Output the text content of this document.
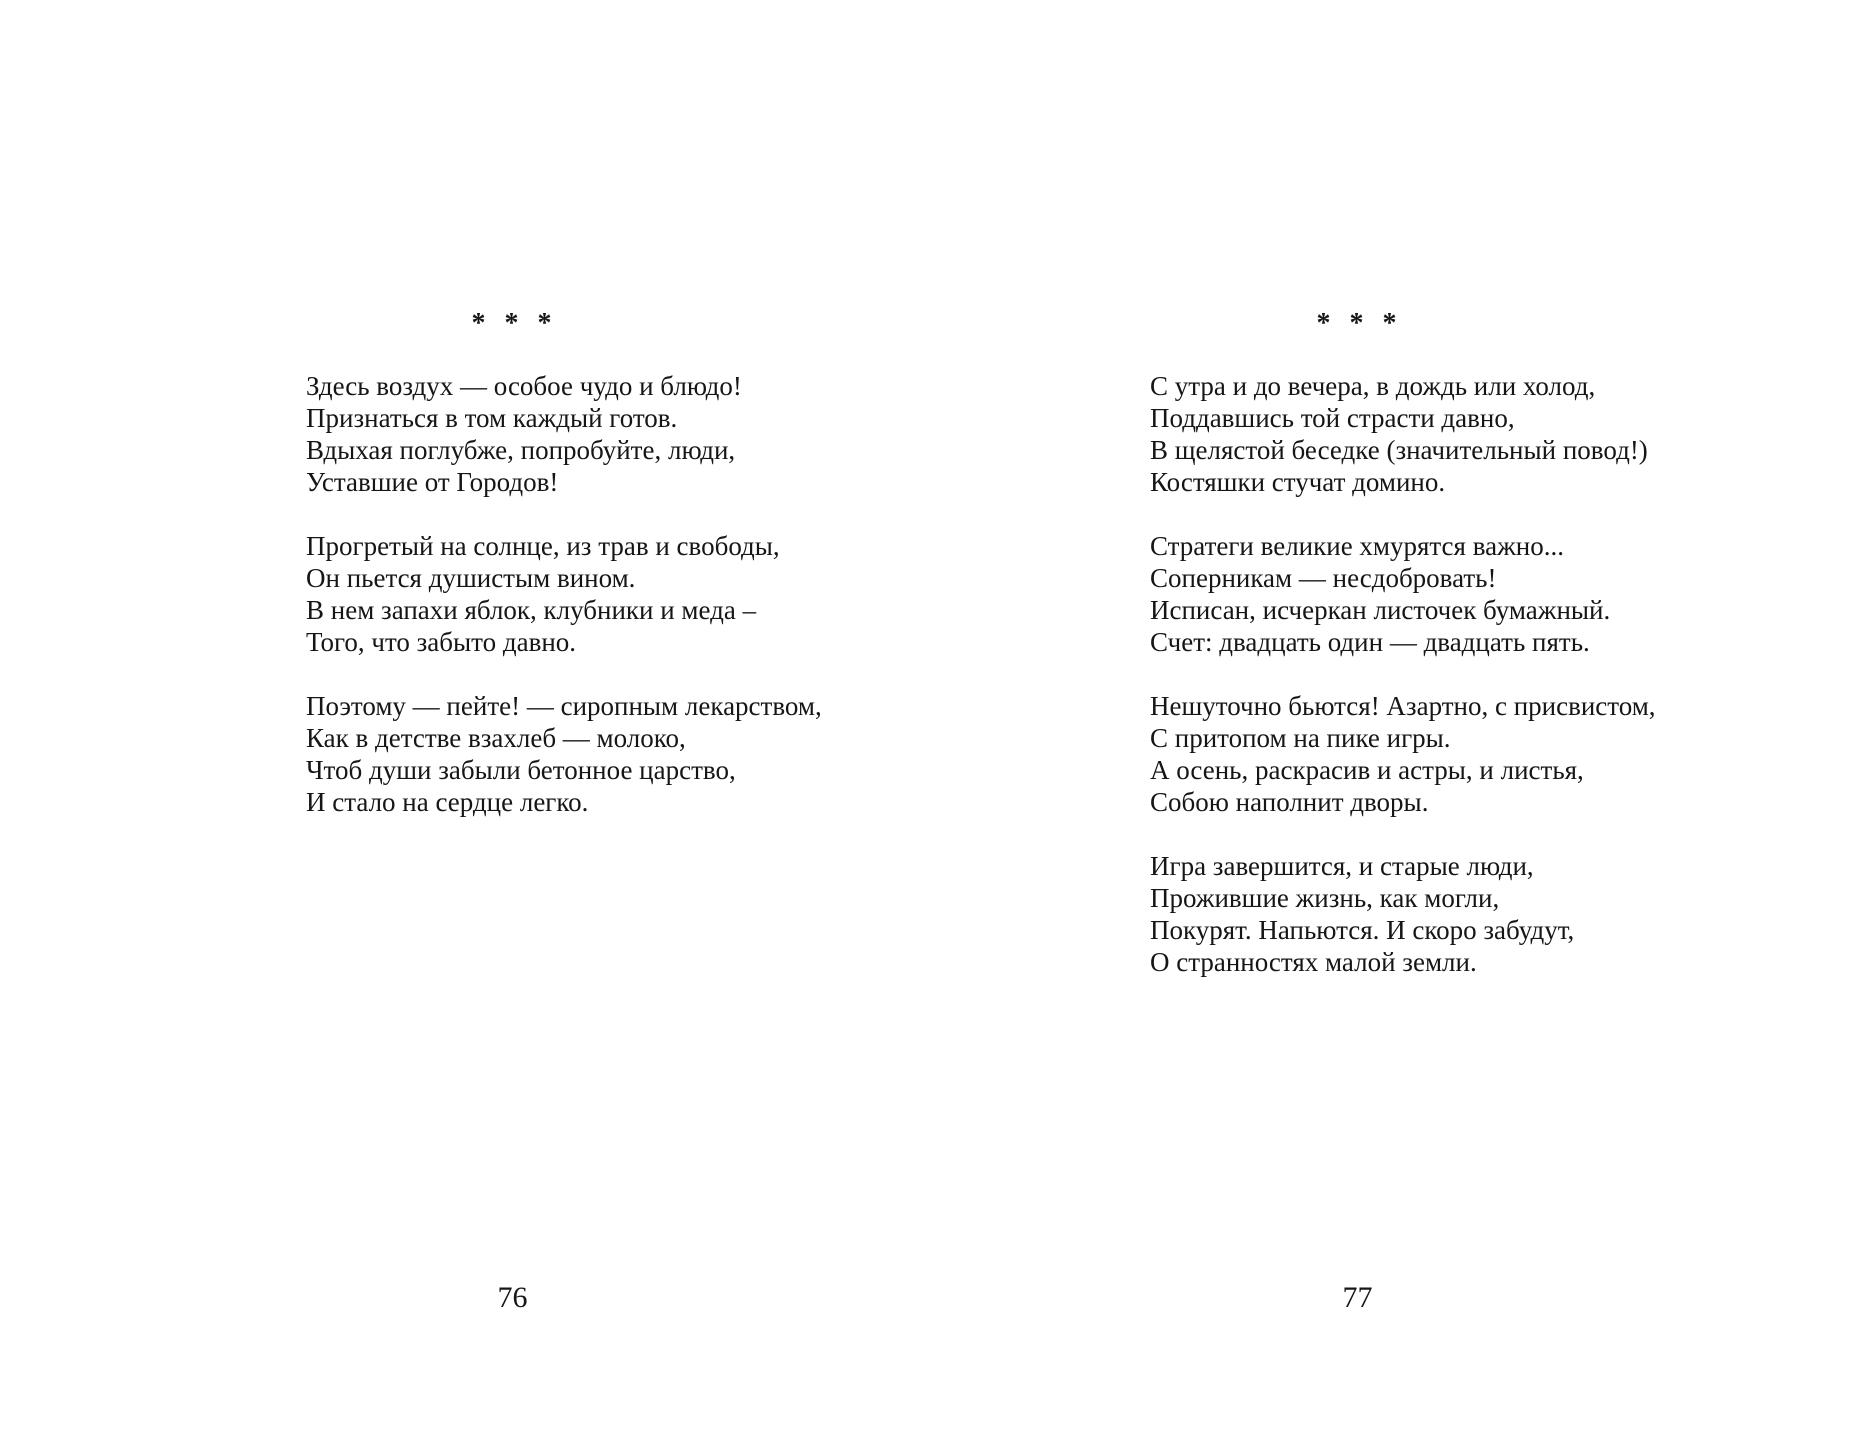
* * *
Здесь воздух — особое чудо и блюдо!
Признаться в том каждый готов.
Вдыхая поглубже, попробуйте, люди,
Уставшие от Городов!
Прогретый на солнце, из трав и свободы,
Он пьется душистым вином.
В нем запахи яблок, клубники и меда –
Того, что забыто давно.
Поэтому — пейте! — сиропным лекарством,
Как в детстве взахлеб — молоко,
Чтоб души забыли бетонное царство,
И стало на сердце легко.
76
* * *
С утра и до вечера, в дождь или холод,
Поддавшись той страсти давно,
В щелястой беседке (значительный повод!)
Костяшки стучат домино.
Стратеги великие хмурятся важно...
Соперникам — несдобровать!
Исписан, исчеркан листочек бумажный.
Счет: двадцать один — двадцать пять.
Нешуточно бьются! Азартно, с присвистом,
С притопом на пике игры.
А осень, раскрасив и астры, и листья,
Собою наполнит дворы.
Игра завершится, и старые люди,
Прожившие жизнь, как могли,
Покурят. Напьются. И скоро забудут,
О странностях малой земли.
77
